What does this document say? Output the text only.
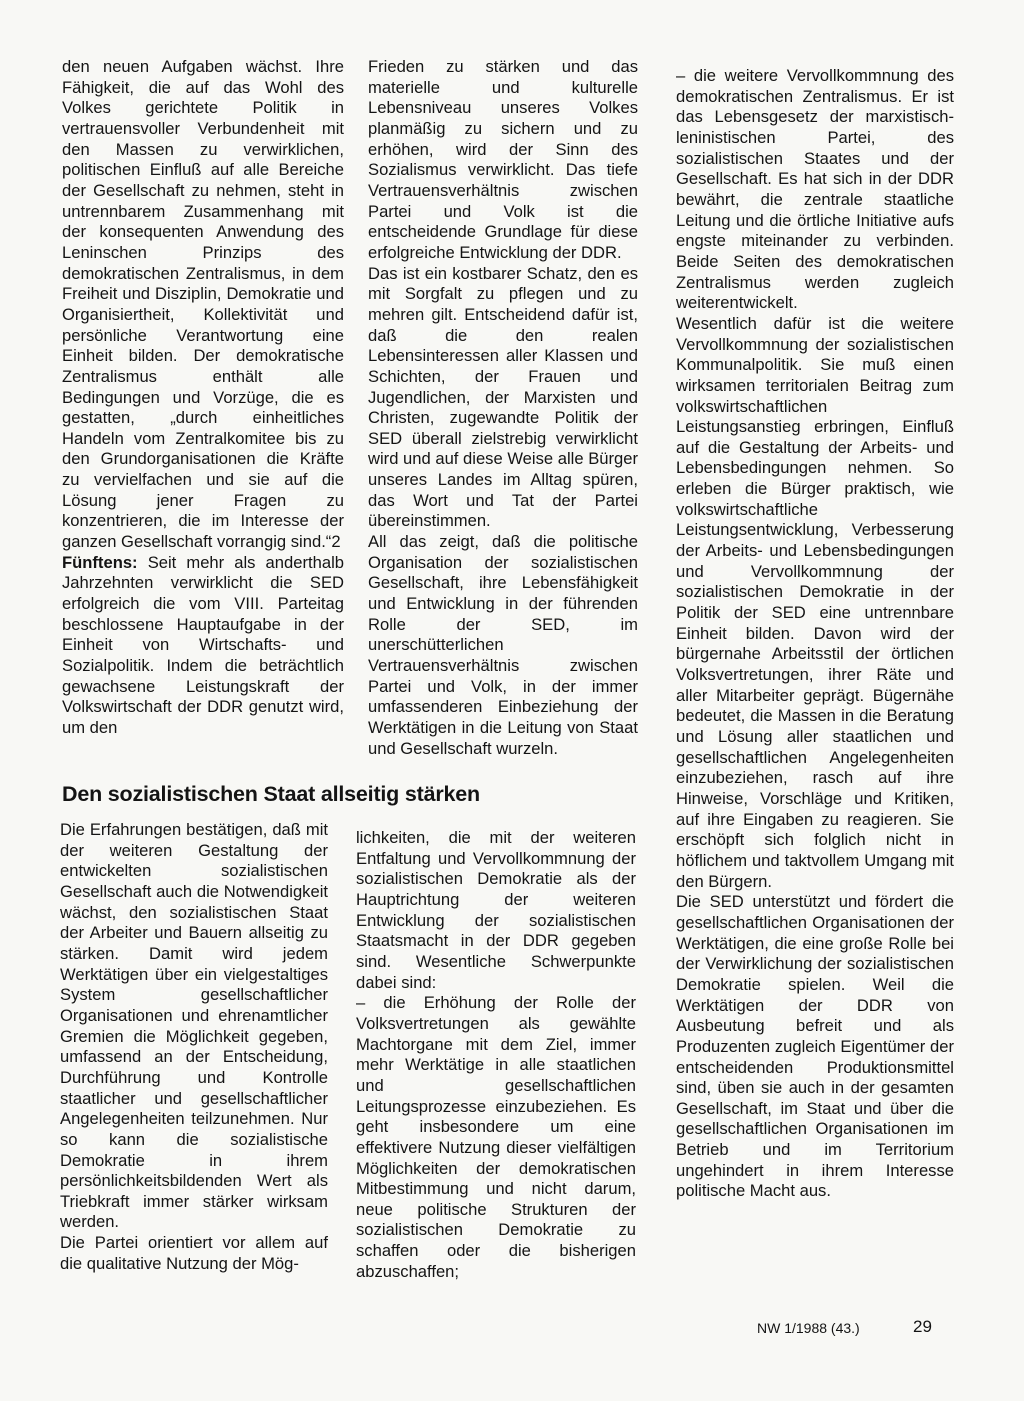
den neuen Aufgaben wächst. Ihre Fähigkeit, die auf das Wohl des Volkes gerichtete Politik in vertrauensvoller Verbundenheit mit den Massen zu verwirklichen, politischen Einfluß auf alle Bereiche der Gesellschaft zu nehmen, steht in untrennbarem Zusammenhang mit der konsequenten Anwendung des Leninschen Prinzips des demokratischen Zentralismus, in dem Freiheit und Disziplin, Demokratie und Organisiertheit, Kollektivität und persönliche Verantwortung eine Einheit bilden. Der demokratische Zentralismus enthält alle Bedingungen und Vorzüge, die es gestatten, „durch einheitliches Handeln vom Zentralkomitee bis zu den Grundorganisationen die Kräfte zu vervielfachen und sie auf die Lösung jener Fragen zu konzentrieren, die im Interesse der ganzen Gesellschaft vorrangig sind.“2

Fünftens: Seit mehr als anderthalb Jahrzehnten verwirklicht die SED erfolgreich die vom VIII. Parteitag beschlossene Hauptaufgabe in der Einheit von Wirtschafts- und Sozialpolitik. Indem die beträchtlich gewachsene Leistungskraft der Volkswirtschaft der DDR genutzt wird, um den

Frieden zu stärken und das materielle und kulturelle Lebensniveau unseres Volkes planmäßig zu sichern und zu erhöhen, wird der Sinn des Sozialismus verwirklicht. Das tiefe Vertrauensverhältnis zwischen Partei und Volk ist die entscheidende Grundlage für diese erfolgreiche Entwicklung der DDR.

Das ist ein kostbarer Schatz, den es mit Sorgfalt zu pflegen und zu mehren gilt. Entscheidend dafür ist, daß die den realen Lebensinteressen aller Klassen und Schichten, der Frauen und Jugendlichen, der Marxisten und Christen, zugewandte Politik der SED überall zielstrebig verwirklicht wird und auf diese Weise alle Bürger unseres Landes im Alltag spüren, das Wort und Tat der Partei übereinstimmen.

All das zeigt, daß die politische Organisation der sozialistischen Gesellschaft, ihre Lebensfähigkeit und Entwicklung in der führenden Rolle der SED, im unerschütterlichen Vertrauensverhältnis zwischen Partei und Volk, in der immer umfassenderen Einbeziehung der Werktätigen in die Leitung von Staat und Gesellschaft wurzeln.

– die weitere Vervollkommnung des demokratischen Zentralismus. Er ist das Lebensgesetz der marxistisch-leninistischen Partei, des sozialistischen Staates und der Gesellschaft. Es hat sich in der DDR bewährt, die zentrale staatliche Leitung und die örtliche Initiative aufs engste miteinander zu verbinden. Beide Seiten des demokratischen Zentralismus werden zugleich weiterentwickelt.

Wesentlich dafür ist die weitere Vervollkommnung der sozialistischen Kommunalpolitik. Sie muß einen wirksamen territorialen Beitrag zum volkswirtschaftlichen Leistungsanstieg erbringen, Einfluß auf die Gestaltung der Arbeits- und Lebensbedingungen nehmen. So erleben die Bürger praktisch, wie volkswirtschaftliche Leistungsentwicklung, Verbesserung der Arbeits- und Lebensbedingungen und Vervollkommnung der sozialistischen Demokratie in der Politik der SED eine untrennbare Einheit bilden. Davon wird der bürgernahe Arbeitsstil der örtlichen Volksvertretungen, ihrer Räte und aller Mitarbeiter geprägt. Bügernähe bedeutet, die Massen in die Beratung und Lösung aller staatlichen und gesellschaftlichen Angelegenheiten einzubeziehen, rasch auf ihre Hinweise, Vorschläge und Kritiken, auf ihre Eingaben zu reagieren. Sie erschöpft sich folglich nicht in höflichem und taktvollem Umgang mit den Bürgern.

Die SED unterstützt und fördert die gesellschaftlichen Organisationen der Werktätigen, die eine große Rolle bei der Verwirklichung der sozialistischen Demokratie spielen. Weil die Werktätigen der DDR von Ausbeutung befreit und als Produzenten zugleich Eigentümer der entscheidenden Produktionsmittel sind, üben sie auch in der gesamten Gesellschaft, im Staat und über die gesellschaftlichen Organisationen im Betrieb und im Territorium ungehindert in ihrem Interesse politische Macht aus.

Den sozialistischen Staat allseitig stärken

Die Erfahrungen bestätigen, daß mit der weiteren Gestaltung der entwickelten sozialistischen Gesellschaft auch die Notwendigkeit wächst, den sozialistischen Staat der Arbeiter und Bauern allseitig zu stärken. Damit wird jedem Werktätigen über ein vielgestaltiges System gesellschaftlicher Organisationen und ehrenamtlicher Gremien die Möglichkeit gegeben, umfassend an der Entscheidung, Durchführung und Kontrolle staatlicher und gesellschaftlicher Angelegenheiten teilzunehmen. Nur so kann die sozialistische Demokratie in ihrem persönlichkeitsbildenden Wert als Triebkraft immer stärker wirksam werden.

Die Partei orientiert vor allem auf die qualitative Nutzung der Mög-

lichkeiten, die mit der weiteren Entfaltung und Vervollkommnung der sozialistischen Demokratie als der Hauptrichtung der weiteren Entwicklung der sozialistischen Staatsmacht in der DDR gegeben sind. Wesentliche Schwerpunkte dabei sind:

– die Erhöhung der Rolle der Volksvertretungen als gewählte Machtorgane mit dem Ziel, immer mehr Werktätige in alle staatlichen und gesellschaftlichen Leitungsprozesse einzubeziehen. Es geht insbesondere um eine effektivere Nutzung dieser vielfältigen Möglichkeiten der demokratischen Mitbestimmung und nicht darum, neue politische Strukturen der sozialistischen Demokratie zu schaffen oder die bisherigen abzuschaffen;

NW 1/1988 (43.)	29
